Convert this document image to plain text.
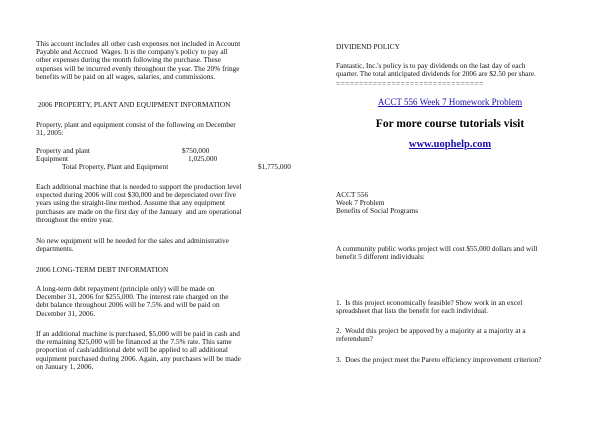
This account includes all other cash expenses not included in Account
Payable and Accrued  Wages. It is the company's policy to pay all
other expenses during the month following the purchase. These
expenses will be incurred evenly throughout the year. The 20% fringe
benefits will be paid on all wages, salaries, and commissions.

2006 PROPERTY, PLANT AND EQUIPMENT INFORMATION

Property, plant and equipment consist of the following on December
31, 2005:

Property and plant	$750,000
Equipment	1,025,000
Total Property, Plant and Equipment	$1,775,000

Each additional machine that is needed to support the production level
expected during 2006 will cost $30,000 and be depreciated over five
years using the straight-line method. Assume that any equipment
purchases are made on the first day of the January  and are operational
throughout the entire year.

No new equipment will be needed for the sales and administrative
departments.

2006 LONG-TERM DEBT INFORMATION

A long-term debt repayment (principle only) will be made on
December 31, 2006 for $255,000. The interest rate charged on the
debt balance throughout 2006 will be 7.5% and will be paid on
December 31, 2006.

If an additional machine is purchased, $5,000 will be paid in cash and
the remaining $25,000 will be financed at the 7.5% rate. This same
proportion of cash/additional debt will be applied to all additional
equipment purchased during 2006. Again, any purchases will be made
on January 1, 2006.

DIVIDEND POLICY

Fantastic, Inc.'s policy is to pay dividends on the last day of each
quarter. The total anticipated dividends for 2006 are $2.50 per share.

================================
ACCT 556 Week 7 Homework Problem
For more course tutorials visit
www.uophelp.com

ACCT 556
Week 7 Problem
Benefits of Social Programs

A community public works project will cost $55,000 dollars and will
benefit 5 different individuals:

1.  Is this project economically feasible? Show work in an excel
spreadsheet that lists the benefit for each individual.

2.  Would this project be appoved by a majority at a majority at a
referendum?

3.  Does the project meet the Pareto efficiency improvement criterion?
